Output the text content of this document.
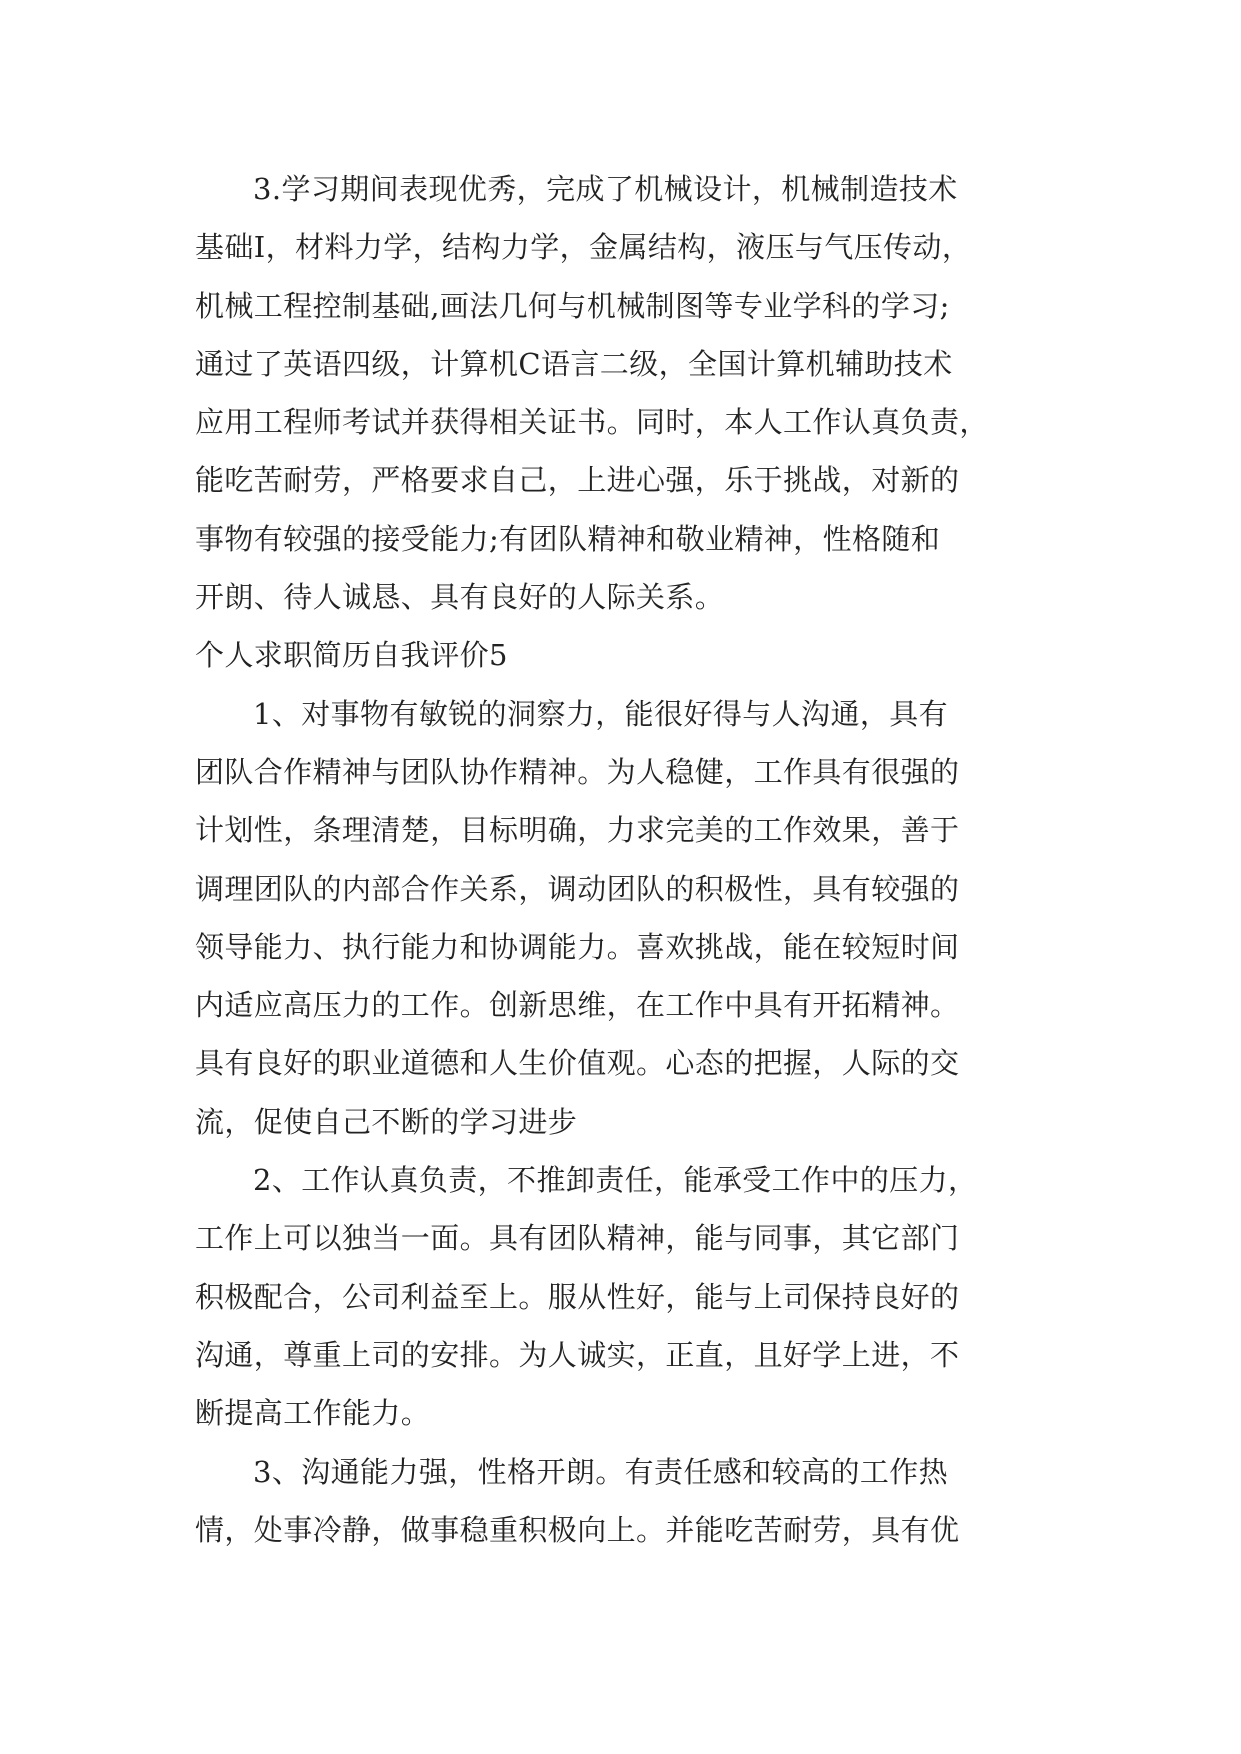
3.学习期间表现优秀，完成了机械设计，机械制造技术
基础Ⅰ，材料力学，结构力学，金属结构，液压与气压传动，
机械工程控制基础,画法几何与机械制图等专业学科的学习;
通过了英语四级，计算机C语言二级，全国计算机辅助技术
应用工程师考试并获得相关证书。同时，本人工作认真负责，
能吃苦耐劳，严格要求自己，上进心强，乐于挑战，对新的
事物有较强的接受能力;有团队精神和敬业精神，性格随和
开朗、待人诚恳、具有良好的人际关系。
个人求职简历自我评价5
1、对事物有敏锐的洞察力，能很好得与人沟通，具有
团队合作精神与团队协作精神。为人稳健，工作具有很强的
计划性，条理清楚，目标明确，力求完美的工作效果，善于
调理团队的内部合作关系，调动团队的积极性，具有较强的
领导能力、执行能力和协调能力。喜欢挑战，能在较短时间
内适应高压力的工作。创新思维，在工作中具有开拓精神。
具有良好的职业道德和人生价值观。心态的把握，人际的交
流，促使自己不断的学习进步
2、工作认真负责，不推卸责任，能承受工作中的压力，
工作上可以独当一面。具有团队精神，能与同事，其它部门
积极配合，公司利益至上。服从性好，能与上司保持良好的
沟通，尊重上司的安排。为人诚实，正直，且好学上进，不
断提高工作能力。
3、沟通能力强，性格开朗。有责任感和较高的工作热
情，处事冷静，做事稳重积极向上。并能吃苦耐劳，具有优
